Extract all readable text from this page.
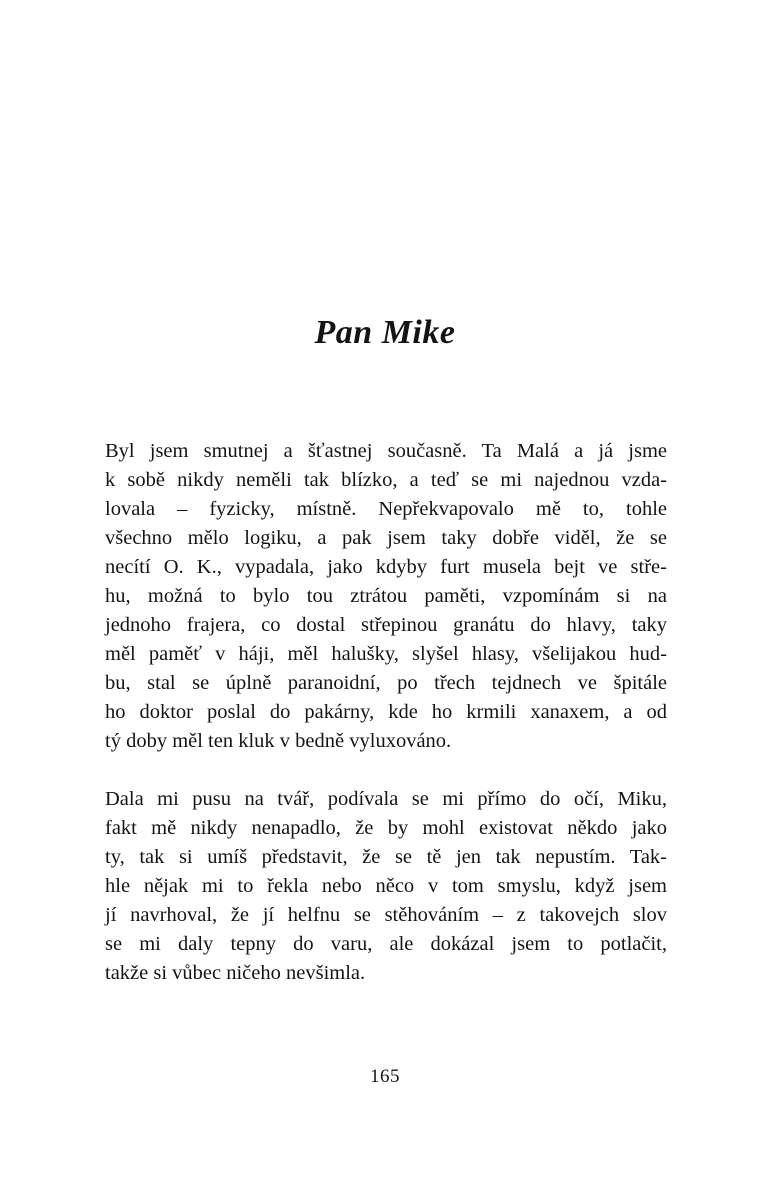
Pan Mike
Byl jsem smutnej a šťastnej současně. Ta Malá a já jsme
k sobě nikdy neměli tak blízko, a teď se mi najednou vzda-
lovala – fyzicky, místně. Nepřekvapovalo mě to, tohle
všechno mělo logiku, a pak jsem taky dobře viděl, že se
necítí O. K., vypadala, jako kdyby furt musela bejt ve stře-
hu, možná to bylo tou ztrátou paměti, vzpomínám si na
jednoho frajera, co dostal střepinou granátu do hlavy, taky
měl paměť v háji, měl halušky, slyšel hlasy, všelijakou hud-
bu, stal se úplně paranoidní, po třech tejdnech ve špitále
ho doktor poslal do pakárny, kde ho krmili xanaxem, a od
tý doby měl ten kluk v bedně vyluxováno.
Dala mi pusu na tvář, podívala se mi přímo do očí, Miku,
fakt mě nikdy nenapadlo, že by mohl existovat někdo jako
ty, tak si umíš představit, že se tě jen tak nepustím. Tak-
hle nějak mi to řekla nebo něco v tom smyslu, když jsem
jí navrhoval, že jí helfnu se stěhováním – z takovejch slov
se mi daly tepny do varu, ale dokázal jsem to potlačit,
takže si vůbec ničeho nevšimla.
165
